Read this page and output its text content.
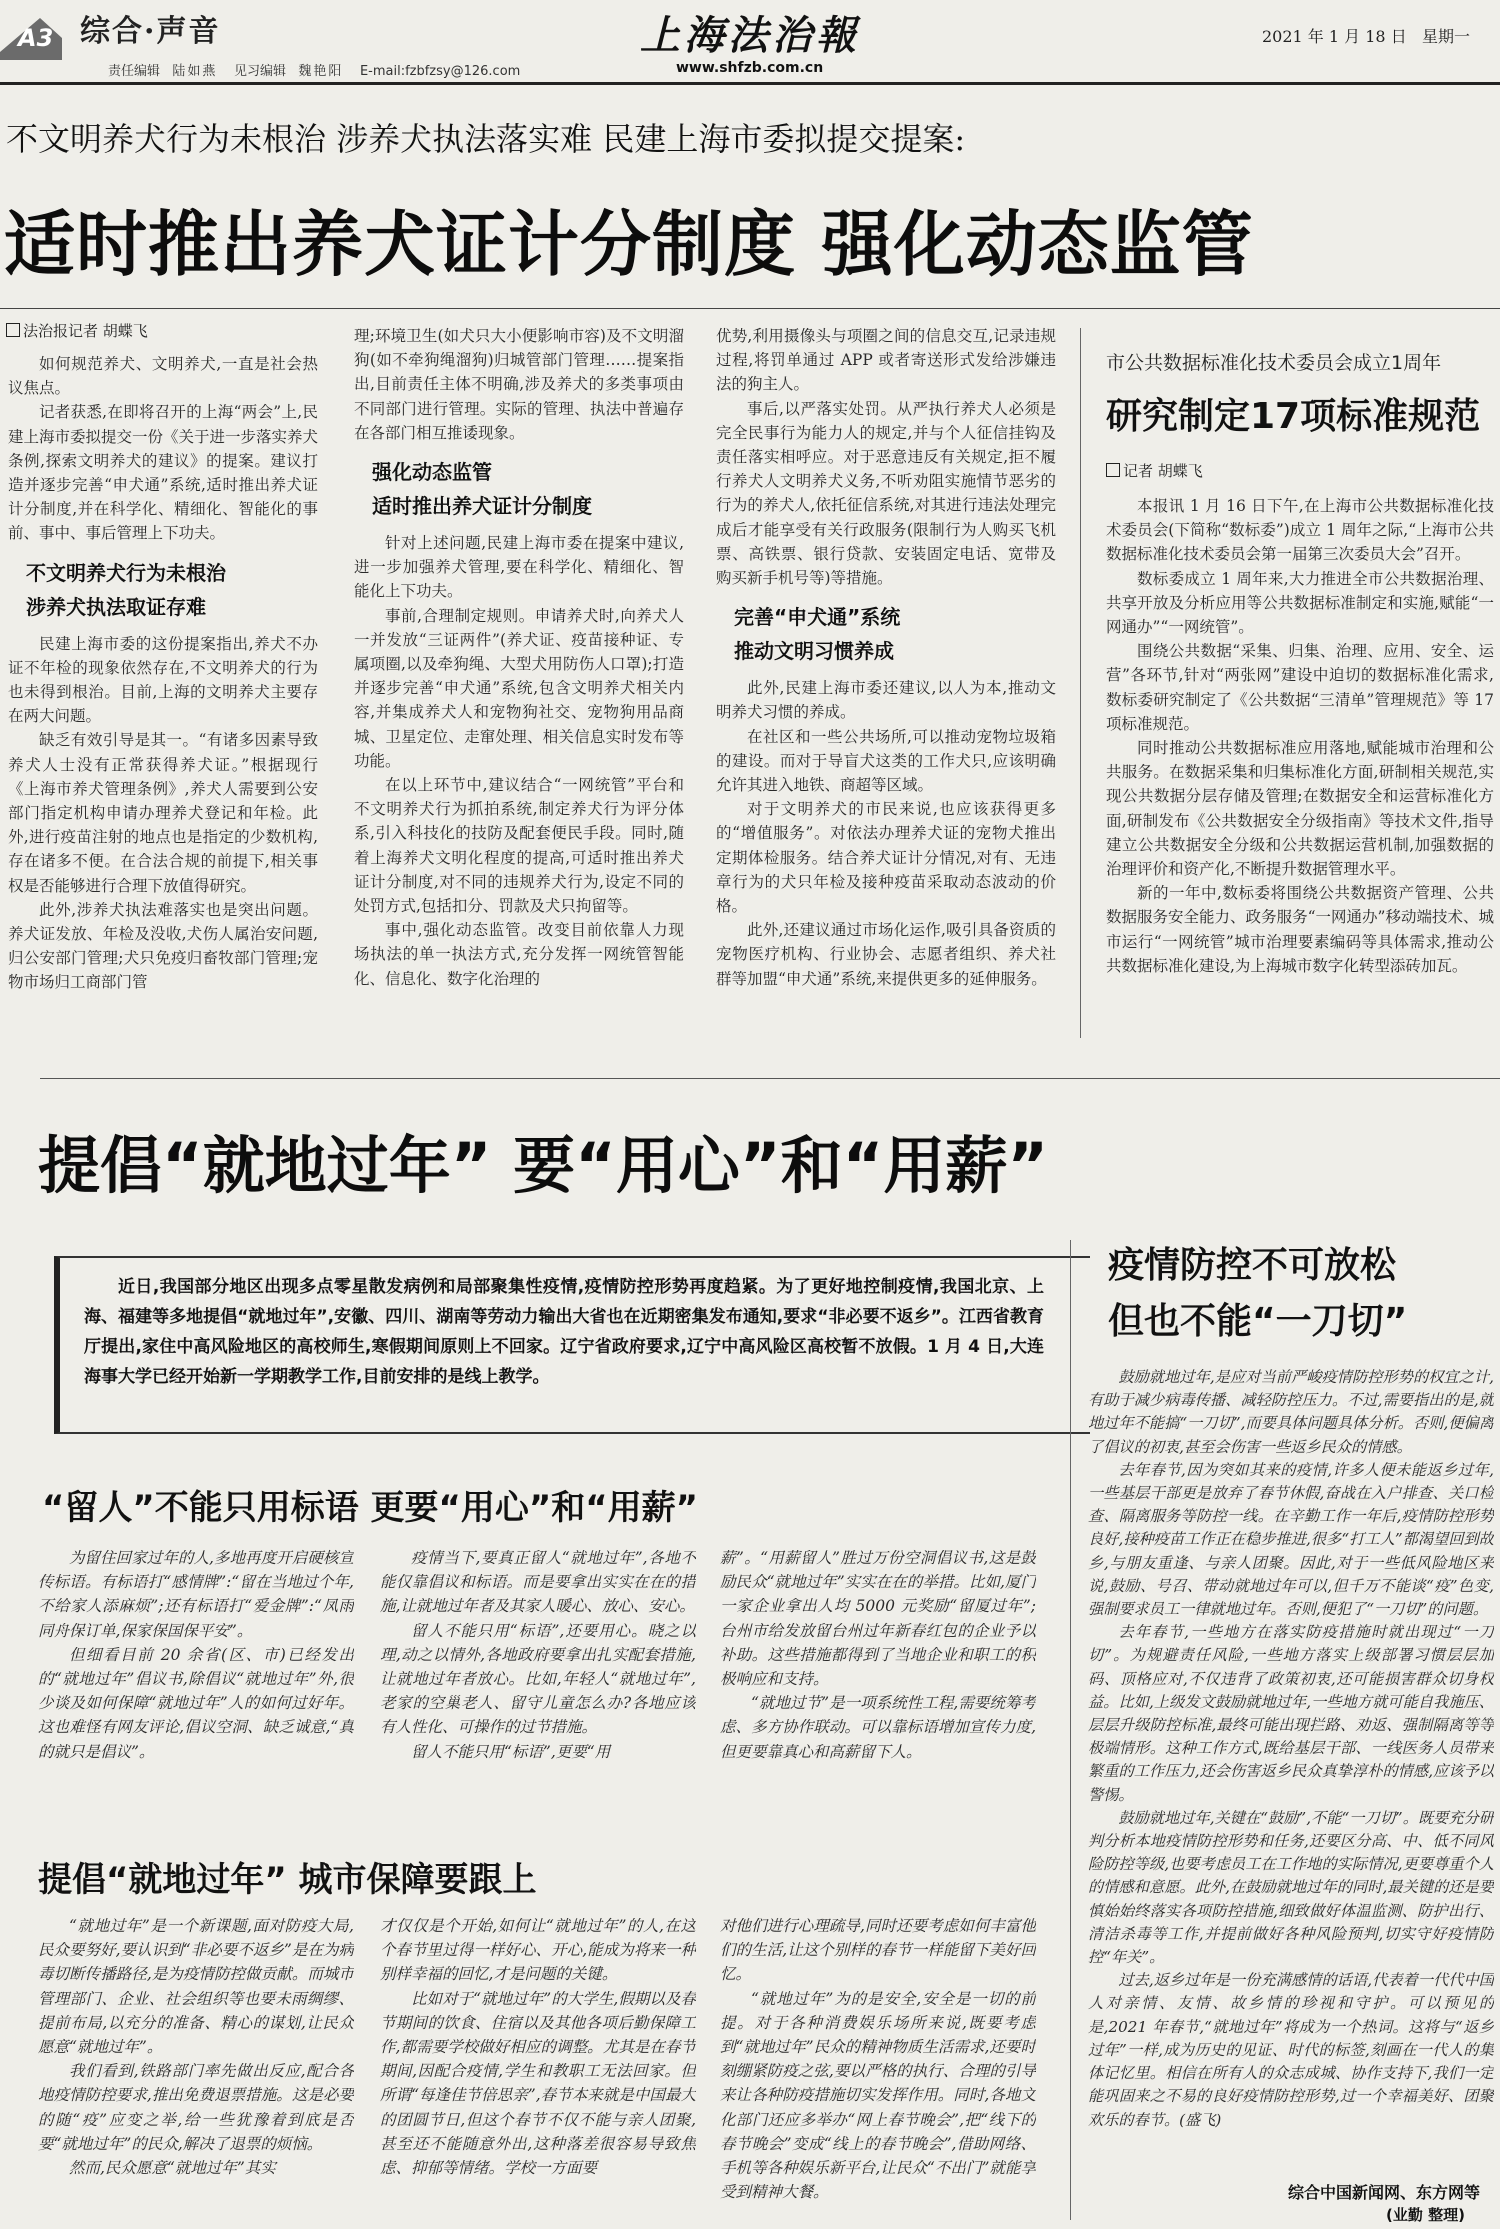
A3 综合·声音
责任编辑 陆如燕 见习编辑 魏艳阳 E-mail:fzbfzsy@126.com
上海法治報
www.shfzb.com.cn
2021 年 1 月 18 日 星期一
不文明养犬行为未根治 涉养犬执法落实难 民建上海市委拟提交提案:
适时推出养犬证计分制度 强化动态监管
法治报记者 胡蝶飞

如何规范养犬、文明养犬,一直是社会热议焦点。

记者获悉,在即将召开的上海“两会”上,民建上海市委拟提交一份《关于进一步落实养犬条例,探索文明养犬的建议》的提案。建议打造并逐步完善“申犬通”系统,适时推出养犬证计分制度,并在科学化、精细化、智能化的事前、事中、事后管理上下功夫。

不文明养犬行为未根治
涉养犬执法取证存难

民建上海市委的这份提案指出,养犬不办证不年检的现象依然存在,不文明养犬的行为也未得到根治。目前,上海的文明养犬主要存在两大问题。

缺乏有效引导是其一。“有诸多因素导致养犬人士没有正常获得养犬证。”根据现行《上海市养犬管理条例》,养犬人需要到公安部门指定机构申请办理养犬登记和年检。此外,进行疫苗注射的地点也是指定的少数机构,存在诸多不便。在合法合规的前提下,相关事权是否能够进行合理下放值得研究。

此外,涉养犬执法难落实也是突出问题。养犬证发放、年检及没收,犬伤人属治安问题,归公安部门管理;犬只免疫归畜牧部门管理;宠物市场归工商部门管

理;环境卫生(如犬只大小便影响市容)及不文明溜狗(如不牵狗绳溜狗)归城管部门管理……提案指出,目前责任主体不明确,涉及养犬的多类事项由不同部门进行管理。实际的管理、执法中普遍存在各部门相互推诿现象。

强化动态监管
适时推出养犬证计分制度

针对上述问题,民建上海市委在提案中建议,进一步加强养犬管理,要在科学化、精细化、智能化上下功夫。

事前,合理制定规则。申请养犬时,向养犬人一并发放“三证两件”(养犬证、疫苗接种证、专属项圈,以及牵狗绳、大型犬用防伤人口罩);打造并逐步完善“申犬通”系统,包含文明养犬相关内容,并集成养犬人和宠物狗社交、宠物狗用品商城、卫星定位、走窜处理、相关信息实时发布等功能。

在以上环节中,建议结合“一网统管”平台和不文明养犬行为抓拍系统,制定养犬行为评分体系,引入科技化的技防及配套便民手段。同时,随着上海养犬文明化程度的提高,可适时推出养犬证计分制度,对不同的违规养犬行为,设定不同的处罚方式,包括扣分、罚款及犬只拘留等。

事中,强化动态监管。改变目前依靠人力现场执法的单一执法方式,充分发挥一网统管智能化、信息化、数字化治理的

优势,利用摄像头与项圈之间的信息交互,记录违规过程,将罚单通过 APP 或者寄送形式发给涉嫌违法的狗主人。

事后,以严落实处罚。从严执行养犬人必须是完全民事行为能力人的规定,并与个人征信挂钩及责任落实相呼应。对于恶意违反有关规定,拒不履行养犬人文明养犬义务,不听劝阻实施情节恶劣的行为的养犬人,依托征信系统,对其进行违法处理完成后才能享受有关行政服务(限制行为人购买飞机票、高铁票、银行贷款、安装固定电话、宽带及购买新手机号等)等措施。

完善“申犬通”系统
推动文明习惯养成

此外,民建上海市委还建议,以人为本,推动文明养犬习惯的养成。

在社区和一些公共场所,可以推动宠物垃圾箱的建设。而对于导盲犬这类的工作犬只,应该明确允许其进入地铁、商超等区域。

对于文明养犬的市民来说,也应该获得更多的“增值服务”。对依法办理养犬证的宠物犬推出定期体检服务。结合养犬证计分情况,对有、无违章行为的犬只年检及接种疫苗采取动态波动的价格。

此外,还建议通过市场化运作,吸引具备资质的宠物医疗机构、行业协会、志愿者组织、养犬社群等加盟“申犬通”系统,来提供更多的延伸服务。

市公共数据标准化技术委员会成立1周年
研究制定17项标准规范
记者 胡蝶飞

本报讯 1 月 16 日下午,在上海市公共数据标准化技术委员会(下简称“数标委”)成立 1 周年之际,“上海市公共数据标准化技术委员会第一届第三次委员大会”召开。

数标委成立 1 周年来,大力推进全市公共数据治理、共享开放及分析应用等公共数据标准制定和实施,赋能“一网通办”“一网统管”。

围绕公共数据“采集、归集、治理、应用、安全、运营”各环节,针对“两张网”建设中迫切的数据标准化需求,数标委研究制定了《公共数据“三清单”管理规范》等 17 项标准规范。

同时推动公共数据标准应用落地,赋能城市治理和公共服务。在数据采集和归集标准化方面,研制相关规范,实现公共数据分层存储及管理;在数据安全和运营标准化方面,研制发布《公共数据安全分级指南》等技术文件,指导建立公共数据安全分级和公共数据运营机制,加强数据的治理评价和资产化,不断提升数据管理水平。

新的一年中,数标委将围绕公共数据资产管理、公共数据服务安全能力、政务服务“一网通办”移动端技术、城市运行“一网统管”城市治理要素编码等具体需求,推动公共数据标准化建设,为上海城市数字化转型添砖加瓦。

提倡“就地过年” 要“用心”和“用薪”
近日,我国部分地区出现多点零星散发病例和局部聚集性疫情,疫情防控形势再度趋紧。为了更好地控制疫情,我国北京、上海、福建等多地提倡“就地过年”,安徽、四川、湖南等劳动力输出大省也在近期密集发布通知,要求“非必要不返乡”。江西省教育厅提出,家住中高风险地区的高校师生,寒假期间原则上不回家。辽宁省政府要求,辽宁中高风险区高校暂不放假。1 月 4 日,大连海事大学已经开始新一学期教学工作,目前安排的是线上教学。
“留人”不能只用标语 更要“用心”和“用薪”

为留住回家过年的人,多地再度开启硬核宣传标语。有标语打“感情牌”:“留在当地过个年,不给家人添麻烦”;还有标语打“爱金牌”:“凤雨同舟保订单,保家保国保平安”。

但细看目前 20 余省(区、市)已经发出的“就地过年”倡议书,除倡议“就地过年”外,很少谈及如何保障“就地过年”人的如何过好年。这也难怪有网友评论,倡议空洞、缺乏诚意,“真的就只是倡议”。

疫情当下,要真正留人“就地过年”,各地不能仅靠倡议和标语。而是要拿出实实在在的措施,让就地过年者及其家人暖心、放心、安心。

留人不能只用“标语”,还要用心。晓之以理,动之以情外,各地政府要拿出扎实配套措施,让就地过年者放心。比如,年轻人“就地过年”,老家的空巢老人、留守儿童怎么办?各地应该有人性化、可操作的过节措施。

留人不能只用“标语”,更要“用

薪”。“用薪留人”胜过万份空洞倡议书,这是鼓励民众“就地过年”实实在在的举措。比如,厦门一家企业拿出人均 5000 元奖励“留厦过年”;台州市给发放留台州过年新春红包的企业予以补助。这些措施都得到了当地企业和职工的积极响应和支持。

“就地过节”是一项系统性工程,需要统筹考虑、多方协作联动。可以靠标语增加宣传力度,但更要靠真心和高薪留下人。

提倡“就地过年” 城市保障要跟上

“就地过年”是一个新课题,面对防疫大局,民众要努好,要认识到“非必要不返乡”是在为病毒切断传播路径,是为疫情防控做贡献。而城市管理部门、企业、社会组织等也要未雨绸缪、提前布局,以充分的准备、精心的谋划,让民众愿意“就地过年”。

我们看到,铁路部门率先做出反应,配合各地疫情防控要求,推出免费退票措施。这是必要的随“疫”应变之举,给一些犹豫着到底是否要“就地过年”的民众,解决了退票的烦恼。

然而,民众愿意“就地过年”其实

才仅仅是个开始,如何让“就地过年”的人,在这个春节里过得一样好心、开心,能成为将来一种别样幸福的回忆,才是问题的关键。

比如对于“就地过年”的大学生,假期以及春节期间的饮食、住宿以及其他各项后勤保障工作,都需要学校做好相应的调整。尤其是在春节期间,因配合疫情,学生和教职工无法回家。但所谓“每逢佳节倍思亲”,春节本来就是中国最大的团圆节日,但这个春节不仅不能与亲人团聚,甚至还不能随意外出,这种落差很容易导致焦虑、抑郁等情绪。学校一方面要

对他们进行心理疏导,同时还要考虑如何丰富他们的生活,让这个别样的春节一样能留下美好回忆。

“就地过年”为的是安全,安全是一切的前提。对于各种消费娱乐场所来说,既要考虑到“就地过年”民众的精神物质生活需求,还要时刻绷紧防疫之弦,要以严格的执行、合理的引导来让各种防疫措施切实发挥作用。同时,各地文化部门还应多举办“网上春节晚会”,把“线下的春节晚会”变成“线上的春节晚会”,借助网络、手机等各种娱乐新平台,让民众“不出门”就能享受到精神大餐。

疫情防控不可放松
但也不能“一刀切”

鼓励就地过年,是应对当前严峻疫情防控形势的权宜之计,有助于减少病毒传播、减轻防控压力。不过,需要指出的是,就地过年不能搞“一刀切”,而要具体问题具体分析。否则,便偏离了倡议的初衷,甚至会伤害一些返乡民众的情感。

去年春节,因为突如其来的疫情,许多人便未能返乡过年,一些基层干部更是放弃了春节休假,奋战在入户排查、关口检查、隔离服务等防控一线。在辛勤工作一年后,疫情防控形势良好,接种疫苗工作正在稳步推进,很多“打工人”都渴望回到故乡,与朋友重逢、与亲人团聚。因此,对于一些低风险地区来说,鼓励、号召、带动就地过年可以,但千万不能谈“疫”色变,强制要求员工一律就地过年。否则,便犯了“一刀切”的问题。

去年春节,一些地方在落实防疫措施时就出现过“一刀切”。为规避责任风险,一些地方落实上级部署习惯层层加码、顶格应对,不仅违背了政策初衷,还可能损害群众切身权益。比如,上级发文鼓励就地过年,一些地方就可能自我施压、层层升级防控标准,最终可能出现拦路、劝返、强制隔离等等极端情形。这种工作方式,既给基层干部、一线医务人员带来繁重的工作压力,还会伤害返乡民众真挚淳朴的情感,应该予以警惕。

鼓励就地过年,关键在“鼓励”,不能“一刀切”。既要充分研判分析本地疫情防控形势和任务,还要区分高、中、低不同风险防控等级,也要考虑员工在工作地的实际情况,更要尊重个人的情感和意愿。此外,在鼓励就地过年的同时,最关键的还是要慎始始终落实各项防控措施,细致做好体温监测、防护出行、清洁杀毒等工作,并提前做好各种风险预判,切实守好疫情防控“年关”。

过去,返乡过年是一份充满感情的话语,代表着一代代中国人对亲情、友情、故乡情的珍视和守护。可以预见的是,2021 年春节,“就地过年”将成为一个热词。这将与“返乡过年”一样,成为历史的见证、时代的标签,刻画在一代人的集体记忆里。相信在所有人的众志成城、协作支持下,我们一定能巩固来之不易的良好疫情防控形势,过一个幸福美好、团聚欢乐的春节。(盛飞)

综合中国新闻网、东方网等
(业勤 整理)
